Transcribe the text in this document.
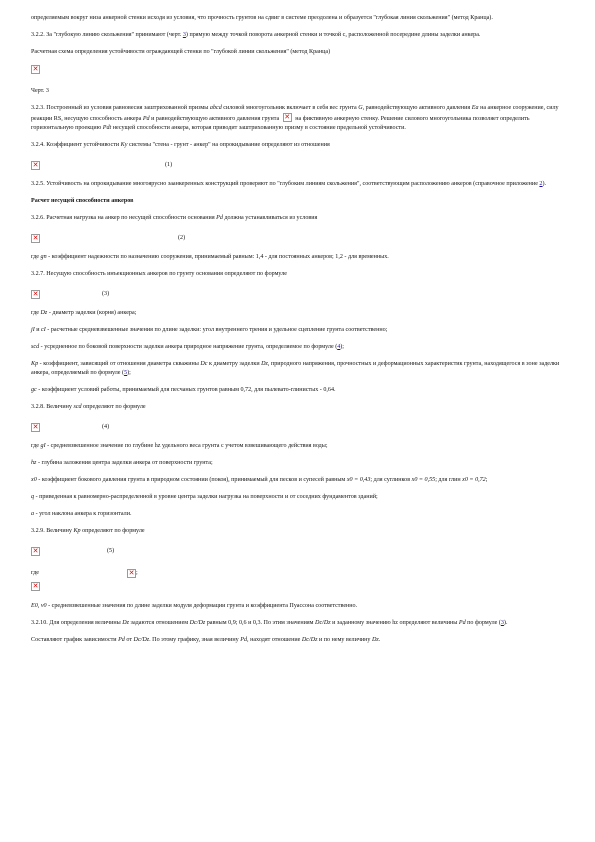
определяемым вокруг низа анкерной стенки исходя из условия, что прочность грунтов на сдвиг в системе преодолена и образуется "глубокая линия скольжения" (метод Кранца).

3.2.2. За "глубокую линию скольжения" принимают (черт. 3) прямую между точкой поворота анкерной стенки и точкой c, расположенной посередине длины заделки анкера.

Расчетная схема определения устойчивости ограждающей стенки по "глубокой линии скольжения" (метод Кранца)

✕

Черт. 3

3.2.3. Построенный из условия равновесия заштрихованной призмы abcd силовой многоугольник включает в себя вес грунта G, равнодействующую активного давления Ea на анкерное сооружение, силу реакции RS, несущую способность анкера Pd и равнодействующую активного давления грунта ✕ на фиктивную анкерную стенку. Решение силового многоугольника позволяет определить горизонтальную проекцию Pdt несущей способности анкера, которая приводит заштрихованную призму в состояние предельной устойчивости.

3.2.4. Коэффициент устойчивости Ky системы "стена - грунт - анкер" на опрокидывание определяют из отношения

✕
(1)

3.2.5. Устойчивость на опрокидывание многоярусно заанкеренных конструкций проверяют по "глубоким линиям скольжения", соответствующим расположению анкеров (справочное приложение 2).

Расчет несущей способности анкеров

3.2.6. Расчетная нагрузка на анкер по несущей способности основания Pd должна устанавливаться из условия

✕
(2)

где gn - коэффициент надежности по назначению сооружения, принимаемый равным: 1,4 - для постоянных анкеров; 1,2 - для временных.

3.2.7. Несущую способность инъекционных анкеров по грунту основания определяют по формуле

✕
(3)

где Dz - диаметр заделки (корня) анкера;

jI и cI - расчетные средневзвешенные значения по длине заделки: угол внутреннего трения и удельное сцепление грунта соответственно;

scd - усредненное по боковой поверхности заделки анкера природное напряжение грунта, определяемое по формуле (4);

Kp - коэффициент, зависящий от отношения диаметра скважины Dc к диаметру заделки Dz, природного напряжения, прочностных и деформационных характеристик грунта, находящегося в зоне заделки анкера, определяемый по формуле (5);

gc - коэффициент условий работы, принимаемый для песчаных грунтов равным 0,72, для пылевато-глинистых - 0,64.

3.2.8. Величину scd определяют по формуле

✕
(4)

где gI - средневзвешенное значение по глубине hz удельного веса грунта с учетом взвешивающего действия воды;

hz - глубина заложения центра заделки анкера от поверхности грунта;

x0 - коэффициент бокового давления грунта в природном состоянии (покоя), принимаемый для песков и супесей равным x0 = 0,43; для суглинков x0 = 0,55; для глин x0 = 0,72;

q - приведенная к равномерно-распределенной в уровне центра заделки нагрузка на поверхности и от соседних фундаментов зданий;

a - угол наклона анкера к горизонтали.

3.2.9. Величину Kp определяют по формуле

✕
(5)
где
✕	;
✕

E0, v0 - средневзвешенные значения по длине заделки модуля деформации грунта и коэффициента Пуассона соответственно.

3.2.10. Для определения величины Dz задаются отношением Dc/Dz равным 0,9; 0,6 и 0,3. По этим значениям Dc/Dz и заданному значению hz определяют величины Pd по формуле (3).

Составляют график зависимости Pd от Dc/Dz. По этому графику, зная величину Pd, находят отношение Dc/Dz и по нему величину Dz.
